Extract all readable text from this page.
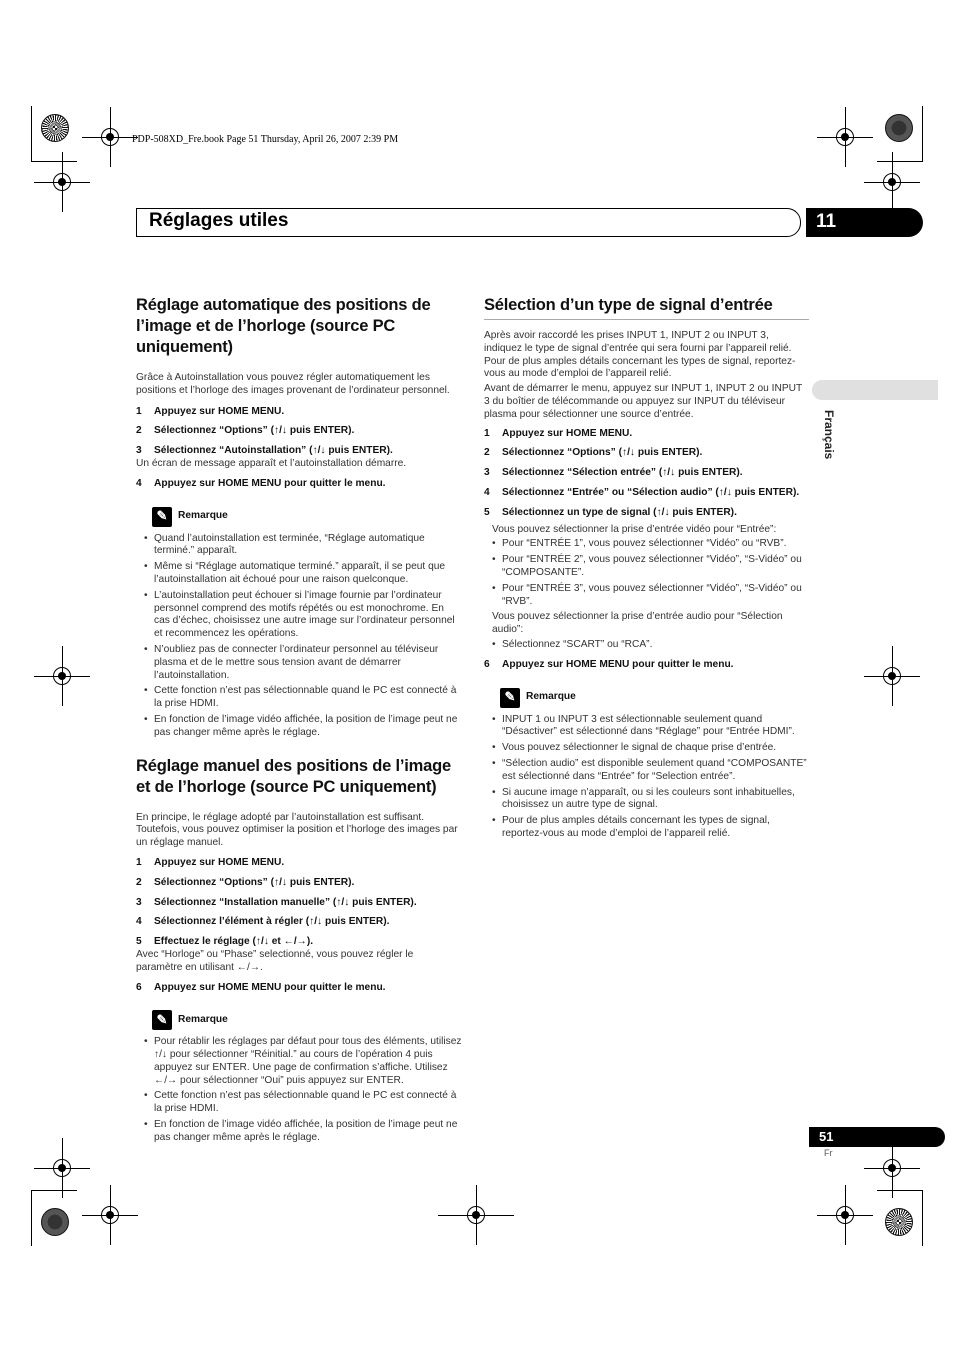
PDP-508XD_Fre.book Page 51 Thursday, April 26, 2007 2:39 PM
Réglages utiles	11
Français
Réglage automatique des positions de l’image et de l’horloge (source PC uniquement)

Grâce à Autoinstallation vous pouvez régler automatiquement les positions et l’horloge des images provenant de l’ordinateur personnel.

1	Appuyez sur HOME MENU.
2	Sélectionnez “Options” (↑/↓ puis ENTER).
3	Sélectionnez “Autoinstallation” (↑/↓ puis ENTER).

Un écran de message apparaît et l’autoinstallation démarre.

4	Appuyez sur HOME MENU pour quitter le menu.
✎	Remarque
• Quand l’autoinstallation est terminée, “Réglage automatique terminé.” apparaît.
• Même si “Réglage automatique terminé.” apparaît, il se peut que l’autoinstallation ait échoué pour une raison quelconque.
• L’autoinstallation peut échouer si l’image fournie par l’ordinateur personnel comprend des motifs répétés ou est monochrome. En cas d’échec, choisissez une autre image sur l’ordinateur personnel et recommencez les opérations.
• N’oubliez pas de connecter l’ordinateur personnel au téléviseur plasma et de le mettre sous tension avant de démarrer l’autoinstallation.
• Cette fonction n’est pas sélectionnable quand le PC est connecté à la prise HDMI.
• En fonction de l’image vidéo affichée, la position de l’image peut ne pas changer même après le réglage.
Réglage manuel des positions de l’image et de l’horloge (source PC uniquement)

En principe, le réglage adopté par l’autoinstallation est suffisant. Toutefois, vous pouvez optimiser la position et l’horloge des images par un réglage manuel.

1	Appuyez sur HOME MENU.
2	Sélectionnez “Options” (↑/↓ puis ENTER).
3	Sélectionnez “Installation manuelle” (↑/↓ puis ENTER).
4	Sélectionnez l’élément à régler (↑/↓ puis ENTER).
5	Effectuez le réglage (↑/↓ et ←/→).

Avec “Horloge” ou “Phase” selectionné, vous pouvez régler le paramètre en utilisant ←/→.

6	Appuyez sur HOME MENU pour quitter le menu.
✎	Remarque
• Pour rétablir les réglages par défaut pour tous des éléments, utilisez ↑/↓ pour sélectionner “Réinitial.” au cours de l’opération 4 puis appuyez sur ENTER. Une page de confirmation s’affiche. Utilisez ←/→ pour sélectionner “Oui” puis appuyez sur ENTER.
• Cette fonction n’est pas sélectionnable quand le PC est connecté à la prise HDMI.
• En fonction de l’image vidéo affichée, la position de l’image peut ne pas changer même après le réglage.
Sélection d’un type de signal d’entrée

Après avoir raccordé les prises INPUT 1, INPUT 2 ou INPUT 3, indiquez le type de signal d’entrée qui sera fourni par l’appareil relié. Pour de plus amples détails concernant les types de signal, reportez-vous au mode d’emploi de l’appareil relié.

Avant de démarrer le menu, appuyez sur INPUT 1, INPUT 2 ou INPUT 3 du boîtier de télécommande ou appuyez sur INPUT du téléviseur plasma pour sélectionner une source d’entrée.

1	Appuyez sur HOME MENU.
2	Sélectionnez “Options” (↑/↓ puis ENTER).
3	Sélectionnez “Sélection entrée” (↑/↓ puis ENTER).
4	Sélectionnez “Entrée” ou “Sélection audio” (↑/↓ puis ENTER).
5	Sélectionnez un type de signal (↑/↓ puis ENTER).

Vous pouvez sélectionner la prise d’entrée vidéo pour “Entrée”:

• Pour “ENTRÉE 1”, vous pouvez sélectionner “Vidéo” ou “RVB”.
• Pour “ENTRÉE 2”, vous pouvez sélectionner “Vidéo”, “S-Vidéo” ou “COMPOSANTE”.
• Pour “ENTRÉE 3”, vous pouvez sélectionner “Vidéo”, “S-Vidéo” ou “RVB”.

Vous pouvez sélectionner la prise d’entrée audio pour “Sélection audio”:

• Sélectionnez “SCART” ou “RCA”.
6	Appuyez sur HOME MENU pour quitter le menu.
✎	Remarque
• INPUT 1 ou INPUT 3 est sélectionnable seulement quand “Désactiver” est sélectionné dans “Réglage” pour “Entrée HDMI”.
• Vous pouvez sélectionner le signal de chaque prise d’entrée.
• “Sélection audio” est disponible seulement quand “COMPOSANTE” est sélectionné dans “Entrée” for “Selection entrée”.
• Si aucune image n’apparaît, ou si les couleurs sont inhabituelles, choisissez un autre type de signal.
• Pour de plus amples détails concernant les types de signal, reportez-vous au mode d’emploi de l’appareil relié.
51
Fr
